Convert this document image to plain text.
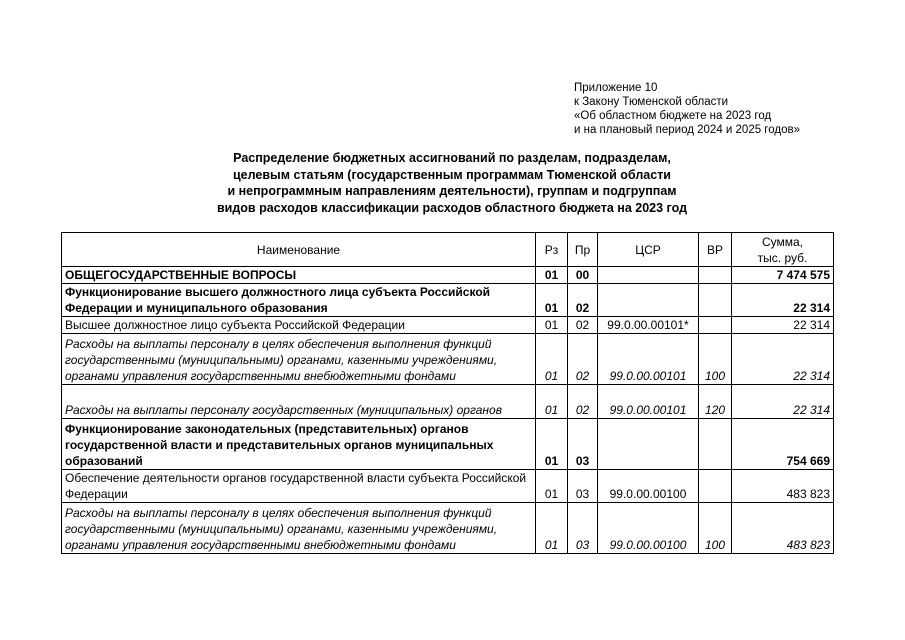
Приложение 10
к Закону Тюменской области
«Об областном бюджете на 2023 год
и на плановый период 2024 и 2025 годов»
Распределение бюджетных ассигнований по разделам, подразделам,
целевым статьям (государственным программам Тюменской области
и непрограммным направлениям деятельности), группам и подгруппам
видов расходов классификации расходов областного бюджета на 2023 год
Наименование	Рз	Пр	ЦСР	ВР	Сумма,
тыс. руб.

ОБЩЕГОСУДАРСТВЕННЫЕ ВОПРОСЫ	01	00			7 474 575
Функционирование высшего должностного лица субъекта Российской Федерации и муниципального образования	01	02			22 314
Высшее должностное лицо субъекта Российской Федерации	01	02	99.0.00.00101*		22 314
Расходы на выплаты персоналу в целях обеспечения выполнения функций государственными (муниципальными) органами, казенными учреждениями, органами управления государственными внебюджетными фондами	01	02	99.0.00.00101	100	22 314
Расходы на выплаты персоналу государственных (муниципальных) органов	01	02	99.0.00.00101	120	22 314
Функционирование законодательных (представительных) органов государственной власти и представительных органов муниципальных образований	01	03			754 669
Обеспечение деятельности органов государственной власти субъекта Российской Федерации	01	03	99.0.00.00100		483 823
Расходы на выплаты персоналу в целях обеспечения выполнения функций государственными (муниципальными) органами, казенными учреждениями, органами управления государственными внебюджетными фондами	01	03	99.0.00.00100	100	483 823
